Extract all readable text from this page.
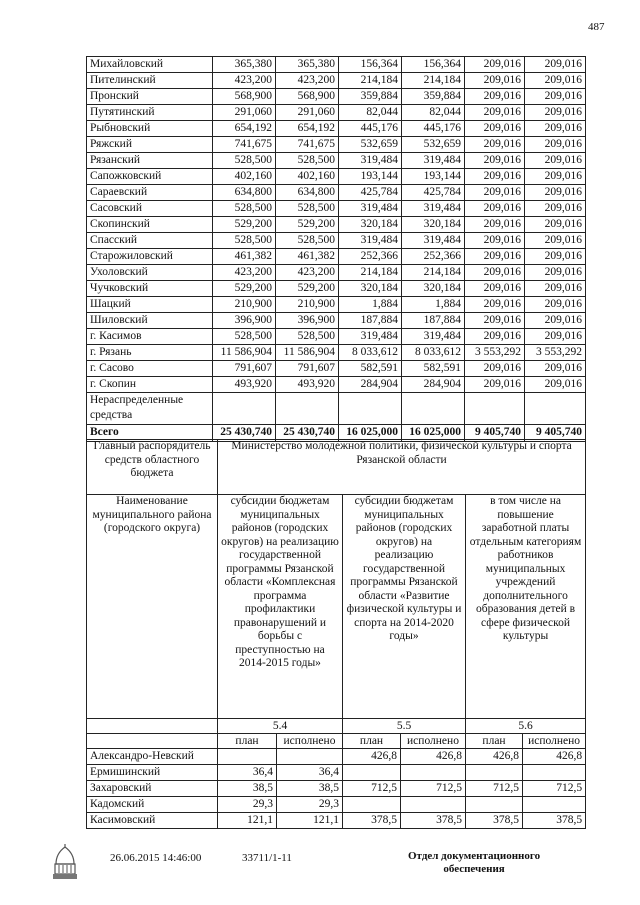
487
Михайловский	365,380	365,380	156,364	156,364	209,016	209,016
Пителинский	423,200	423,200	214,184	214,184	209,016	209,016
Пронский	568,900	568,900	359,884	359,884	209,016	209,016
Путятинский	291,060	291,060	82,044	82,044	209,016	209,016
Рыбновский	654,192	654,192	445,176	445,176	209,016	209,016
Ряжский	741,675	741,675	532,659	532,659	209,016	209,016
Рязанский	528,500	528,500	319,484	319,484	209,016	209,016
Сапожковский	402,160	402,160	193,144	193,144	209,016	209,016
Сараевский	634,800	634,800	425,784	425,784	209,016	209,016
Сасовский	528,500	528,500	319,484	319,484	209,016	209,016
Скопинский	529,200	529,200	320,184	320,184	209,016	209,016
Спасский	528,500	528,500	319,484	319,484	209,016	209,016
Старожиловский	461,382	461,382	252,366	252,366	209,016	209,016
Ухоловский	423,200	423,200	214,184	214,184	209,016	209,016
Чучковский	529,200	529,200	320,184	320,184	209,016	209,016
Шацкий	210,900	210,900	1,884	1,884	209,016	209,016
Шиловский	396,900	396,900	187,884	187,884	209,016	209,016
г. Касимов	528,500	528,500	319,484	319,484	209,016	209,016
г. Рязань	11 586,904	11 586,904	8 033,612	8 033,612	3 553,292	3 553,292
г. Сасово	791,607	791,607	582,591	582,591	209,016	209,016
г. Скопин	493,920	493,920	284,904	284,904	209,016	209,016
Нераспределенные средства						
Всего	25 430,740	25 430,740	16 025,000	16 025,000	9 405,740	9 405,740
Главный распорядитель средств областного бюджета	Министерство молодежной политики, физической культуры и спорта Рязанской области					
Наименование муниципального района (городского округа)	субсидии бюджетам муниципальных районов (городских округов) на реализацию государственной программы Рязанской области «Комплексная программа профилактики правонарушений и борьбы с преступностью на 2014-2015 годы»		субсидии бюджетам муниципальных районов (городских округов) на реализацию государственной программы Рязанской области «Развитие физической культуры и спорта на 2014-2020 годы»		в том числе на повышение заработной платы отдельным категориям работников муниципальных учреждений дополнительного образования детей в сфере физической культуры	
	5.4		5.5		5.6	
	план	исполнено	план	исполнено	план	исполнено
Александро-Невский			426,8	426,8	426,8	426,8
Ермишинский	36,4	36,4				
Захаровский	38,5	38,5	712,5	712,5	712,5	712,5
Кадомский	29,3	29,3				
Касимовский	121,1	121,1	378,5	378,5	378,5	378,5
26.06.2015 14:46:00	33711/1-11	Отдел документационного
обеспечения
